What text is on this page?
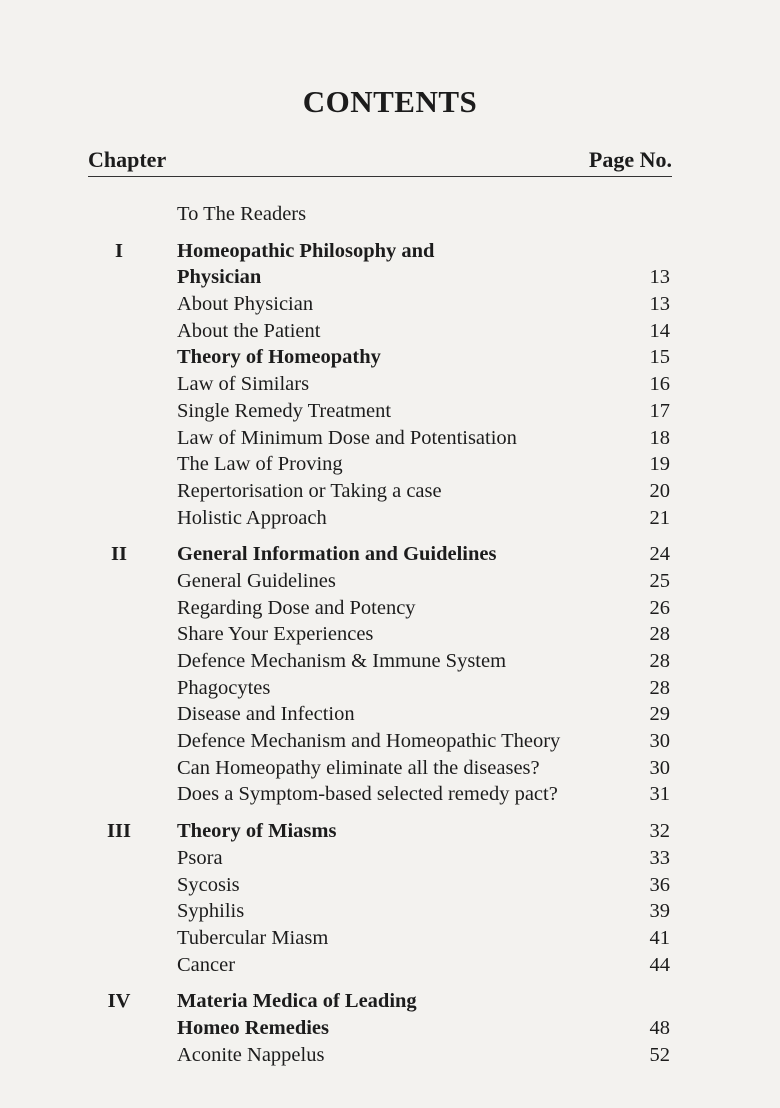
CONTENTS
Chapter	Page No.
To The Readers
I	Homeopathic Philosophy and
Physician	13
About Physician	13
About the Patient	14
Theory of Homeopathy	15
Law of Similars	16
Single Remedy Treatment	17
Law of Minimum Dose and Potentisation	18
The Law of Proving	19
Repertorisation or Taking a case	20
Holistic Approach	21
II	General Information and Guidelines	24
General Guidelines	25
Regarding Dose and Potency	26
Share Your Experiences	28
Defence Mechanism & Immune System	28
Phagocytes	28
Disease and Infection	29
Defence Mechanism and Homeopathic Theory	30
Can Homeopathy eliminate all the diseases?	30
Does a Symptom-based selected remedy pact?	31
III Theory of Miasms	32
Psora	33
Sycosis	36
Syphilis	39
Tubercular Miasm	41
Cancer	44
IV Materia Medica of Leading
Homeo Remedies	48
Aconite Nappelus	52
